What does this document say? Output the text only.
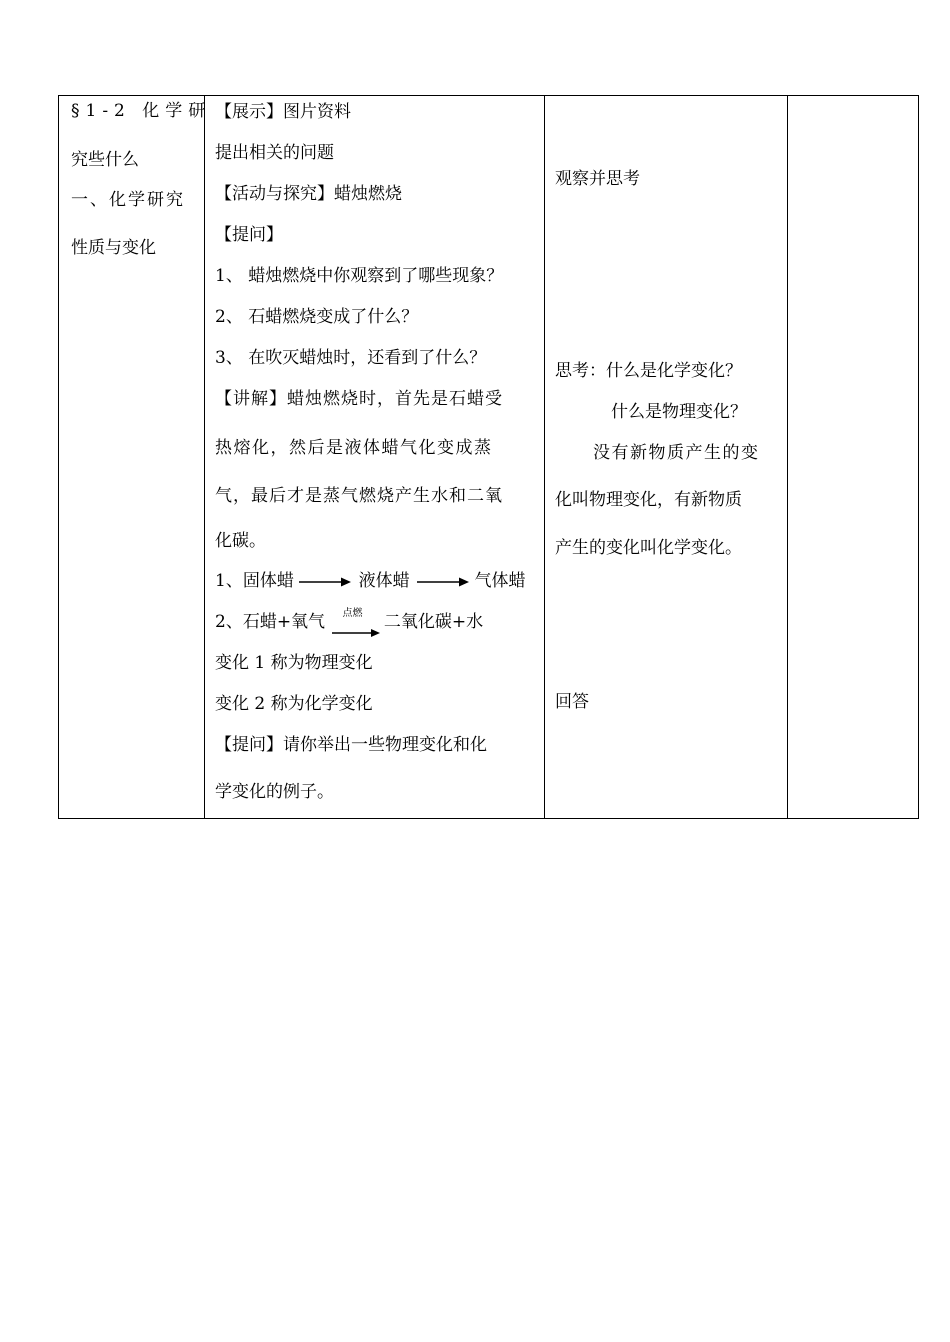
§1-2 化学研
究些什么
一、化学研究
性质与变化
【展示】图片资料
提出相关的问题
【活动与探究】蜡烛燃烧
【提问】
1、 蜡烛燃烧中你观察到了哪些现象？
2、 石蜡燃烧变成了什么？
3、 在吹灭蜡烛时，还看到了什么？
【讲解】蜡烛燃烧时，首先是石蜡受
热熔化，然后是液体蜡气化变成蒸
气，最后才是蒸气燃烧产生水和二氧
化碳。
1、固体蜡	液体蜡	气体蜡
2、石蜡+氧气 点燃 二氧化碳+水
变化 1 称为物理变化
变化 2 称为化学变化
【提问】请你举出一些物理变化和化
学变化的例子。
观察并思考
思考：什么是化学变化？
什么是物理变化？
没有新物质产生的变
化叫物理变化，有新物质
产生的变化叫化学变化。
回答
